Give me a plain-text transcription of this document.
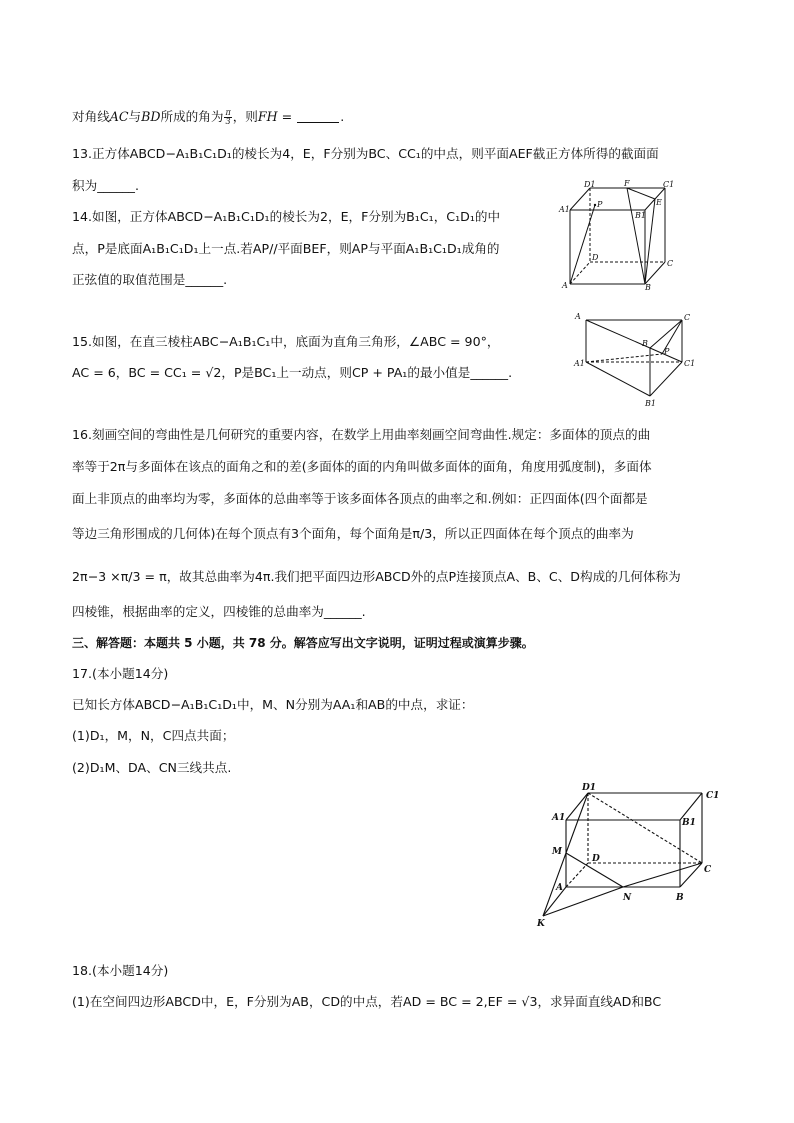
对角线AC与BD所成的角为 $\frac{\pi}{3}$ ，则FH =	.
13.正方体ABCD−A₁B₁C₁D₁的棱长为4，E，F分别为BC、CC₁的中点，则平面AEF截正方体所得的截面面
积为______.
14.如图，正方体ABCD−A₁B₁C₁D₁的棱长为2，E，F分别为B₁C₁，C₁D₁的中
点，P是底面A₁B₁C₁D₁上一点.若AP//平面BEF，则AP与平面A₁B₁C₁D₁成角的
正弦值的取值范围是______.
D1	F	C1
A1
P
B1
E
D
C
A	B
15.如图，在直三棱柱ABC−A₁B₁C₁中，底面为直角三角形，∠ABC = 90°，
AC = 6，BC = CC₁ = √2，P是BC₁上一动点，则CP + PA₁的最小值是______.
A	C
B
P
A1	C1
B1
16.刻画空间的弯曲性是几何研究的重要内容，在数学上用曲率刻画空间弯曲性.规定：多面体的顶点的曲
率等于2π与多面体在该点的面角之和的差(多面体的面的内角叫做多面体的面角，角度用弧度制)，多面体
面上非顶点的曲率均为零，多面体的总曲率等于该多面体各顶点的曲率之和.例如：正四面体(四个面都是
等边三角形围成的几何体)在每个顶点有3个面角，每个面角是π/3，所以正四面体在每个顶点的曲率为
2π−3 ×π/3 = π，故其总曲率为4π.我们把平面四边形ABCD外的点P连接顶点A、B、C、D构成的几何体称为
四棱锥，根据曲率的定义，四棱锥的总曲率为______.
三、解答题：本题共 5 小题，共 78 分。解答应写出文字说明，证明过程或演算步骤。
17.(本小题14分)
已知长方体ABCD−A₁B₁C₁D₁中，M、N分别为AA₁和AB的中点，求证：
(1)D₁，M，N，C四点共面；
(2)D₁M、DA、CN三线共点.
D1
C1
A1	B1
M
D
A
N	B
C
K
18.(本小题14分)
(1)在空间四边形ABCD中，E，F分别为AB，CD的中点，若AD = BC = 2,EF = √3，求异面直线AD和BC
